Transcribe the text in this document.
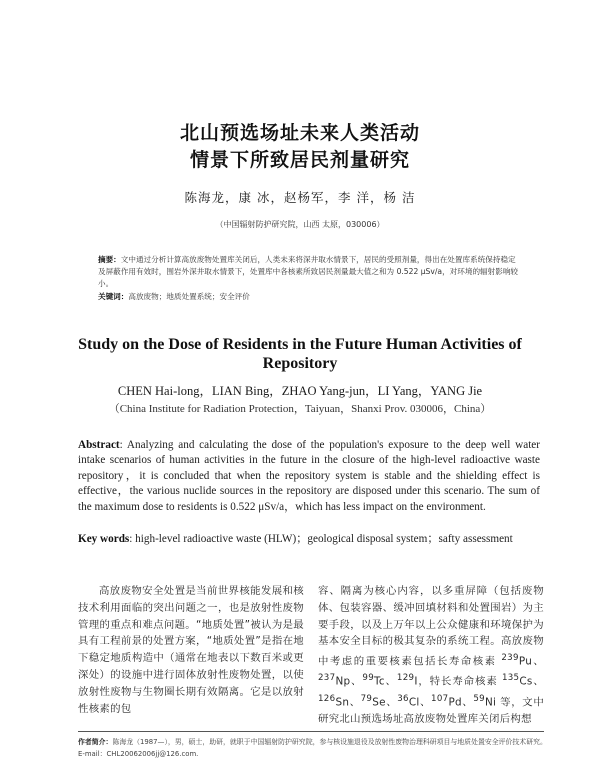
北山预选场址未来人类活动
情景下所致居民剂量研究
陈海龙，康 冰，赵杨军，李 洋，杨 洁
（中国辐射防护研究院，山西 太原，030006）
摘要：文中通过分析计算高放废物处置库关闭后，人类未来将深井取水情景下，居民的受照剂量，得出在处置库系统保持稳定及屏蔽作用有效时，围岩外深井取水情景下，处置库中各核素所致居民剂量最大值之和为 0.522 μSv/a，对环境的辐射影响较小。
关键词：高放废物；地质处置系统；安全评价
Study on the Dose of Residents in the Future Human Activities of
Repository
CHEN Hai-long，LIAN Bing，ZHAO Yang-jun，LI Yang，YANG Jie
（China Institute for Radiation Protection，Taiyuan，Shanxi Prov. 030006，China）
Abstract: Analyzing and calculating the dose of the population's exposure to the deep well water intake scenarios of human activities in the future in the closure of the high-level radioactive waste repository，it is concluded that when the repository system is stable and the shielding effect is effective，the various nuclide sources in the repository are disposed under this scenario. The sum of the maximum dose to residents is 0.522 μSv/a，which has less impact on the environment.
Key words: high-level radioactive waste (HLW)；geological disposal system；safty assessment

高放废物安全处置是当前世界核能发展和核技术利用面临的突出问题之一，也是放射性废物管理的重点和难点问题。“地质处置”被认为是最具有工程前景的处置方案，“地质处置”是指在地下稳定地质构造中（通常在地表以下数百米或更深处）的设施中进行固体放射性废物处置，以使放射性废物与生物圈长期有效隔离。它是以放射性核素的包

容、隔离为核心内容，以多重屏障（包括废物体、包装容器、缓冲回填材料和处置围岩）为主要手段，以及上万年以上公众健康和环境保护为基本安全目标的极其复杂的系统工程。高放废物中考虑的重要核素包括长寿命核素 $^{239}$Pu、$^{237}$Np、$^{99}$Tc、$^{129}$I，特长寿命核素 $^{135}$Cs、$^{126}$Sn、$^{79}$Se、$^{36}$Cl、$^{107}$Pd、$^{59}$Ni 等，文中研究北山预选场址高放废物处置库关闭后构想

作者简介：陈海龙（1987—），男，硕士，助研，就职于中国辐射防护研究院，参与核设施退役及放射性废物治理科研项目与地质处置安全评价技术研究。E-mail：CHL20062006jj@126.com.
